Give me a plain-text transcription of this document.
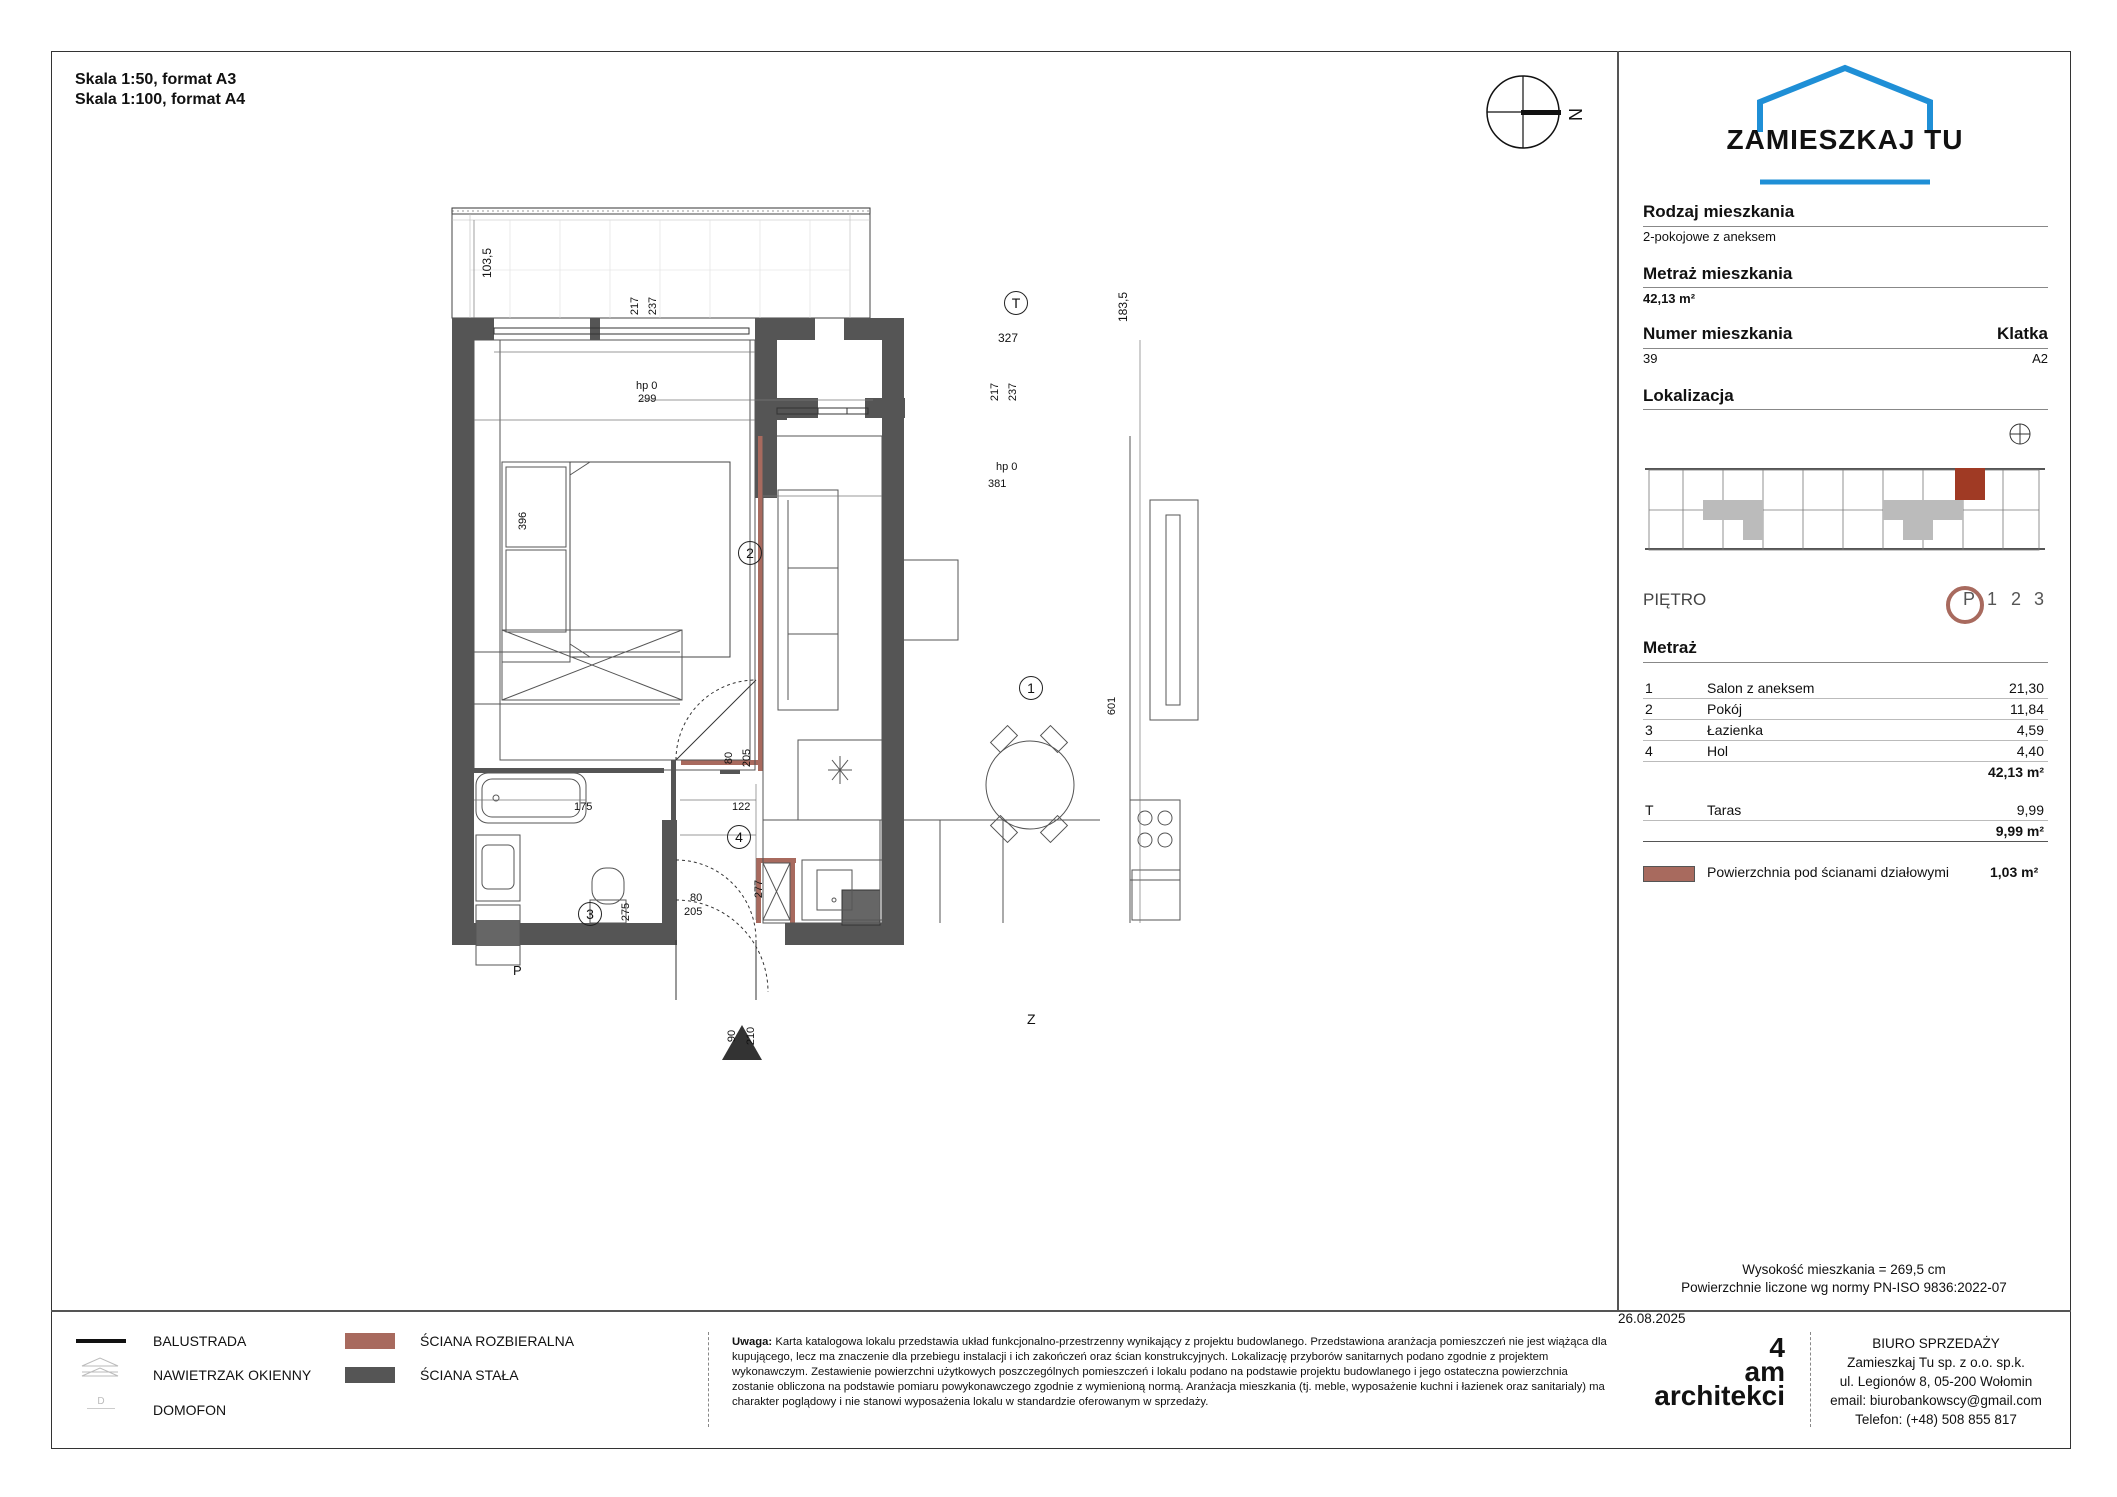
Skala 1:50, format A3
Skala 1:100, format A4
N
T
2
1
4
3
103,5
183,5
327
217 237
217 237
hp 0
299
hp 0
381
396
601
80 205
122
175
80
205
277
275
90 210
P
Z
ZAMIESZKAJ TU
Rodzaj mieszkania
2-pokojowe z aneksem
Metraż mieszkania
42,13 m²
Numer mieszkania	Klatka
39	A2
Lokalizacja
PIĘTRO	P 1 2 3
Metraż
1	Salon z aneksem	21,30
2	Pokój	11,84
3	Łazienka	4,59
4	Hol	4,40
42,13 m²
T	Taras	9,99
9,99 m²
Powierzchnia pod ścianami działowymi	1,03 m²
Wysokość mieszkania = 269,5 cm
Powierzchnie liczone wg normy PN-ISO 9836:2022-07
BALUSTRADA
NAWIETRZAK OKIENNY
D
DOMOFON
ŚCIANA ROZBIERALNA
ŚCIANA STAŁA
Uwaga: Karta katalogowa lokalu przedstawia układ funkcjonalno-przestrzenny wynikający z projektu budowlanego. Przedstawiona aranżacja pomieszczeń nie jest wiążąca dla kupującego, lecz ma znaczenie dla przebiegu instalacji i ich zakończeń oraz ścian konstrukcyjnych. Lokalizację przyborów sanitarnych podano zgodnie z projektem wykonawczym. Zestawienie powierzchni użytkowych poszczególnych pomieszczeń i lokalu podano na podstawie projektu budowlanego i jego ostateczna powierzchnia zostanie obliczona na podstawie pomiaru powykonawczego zgodnie z wymienioną normą. Aranżacja mieszkania (tj. meble, wyposażenie kuchni i łazienek oraz sanitarialy) ma charakter poglądowy i nie stanowi wyposażenia lokalu w standardzie oferowanym w sprzedaży.
26.08.2025
4
am
architekci
BIURO SPRZEDAŻY
Zamieszkaj Tu sp. z o.o. sp.k.
ul. Legionów 8, 05-200 Wołomin
email: biurobankowscy@gmail.com
Telefon: (+48) 508 855 817
